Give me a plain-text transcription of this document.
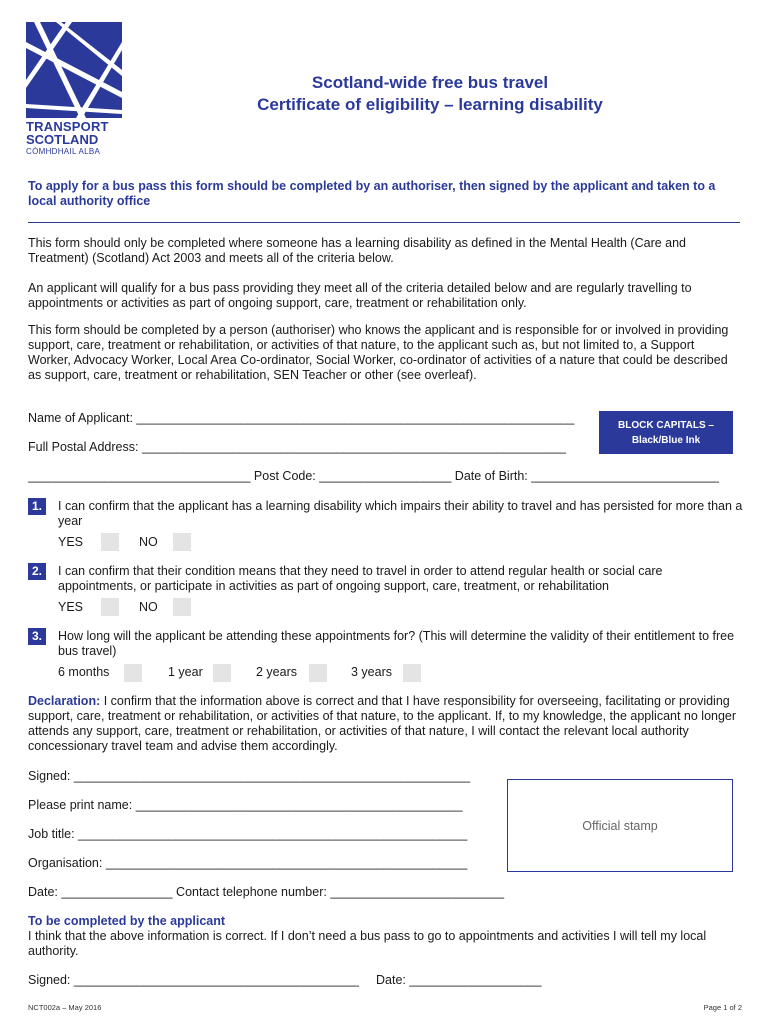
TRANSPORT
SCOTLAND
CÒMHDHAIL ALBA
Scotland-wide free bus travel
Certificate of eligibility – learning disability
To apply for a bus pass this form should be completed by an authoriser, then signed by the applicant and taken to a local authority office
This form should only be completed where someone has a learning disability as defined in the Mental Health (Care and Treatment) (Scotland) Act 2003 and meets all of the criteria below.
An applicant will qualify for a bus pass providing they meet all of the criteria detailed below and are regularly travelling to appointments or activities as part of ongoing support, care, treatment or rehabilitation only.
This form should be completed by a person (authoriser) who knows the applicant and is responsible for or involved in providing support, care, treatment or rehabilitation, or activities of that nature, to the applicant such as, but not limited to, a Support Worker, Advocacy Worker, Local Area Co-ordinator, Social Worker, co-ordinator of activities of a nature that could be described as support, care, treatment or rehabilitation, SEN Teacher or other (see overleaf).
Name of Applicant: _______________________________________________________________
Full Postal Address: _____________________________________________________________
________________________________ Post Code: ___________________ Date of Birth: ___________________________
BLOCK CAPITALS –
Black/Blue Ink
1.	I can confirm that the applicant has a learning disability which impairs their ability to travel and has persisted for more than a year
YES	NO
2.	I can confirm that their condition means that they need to travel in order to attend regular health or social care appointments, or participate in activities as part of ongoing support, care, treatment, or rehabilitation
YES	NO
3.	How long will the applicant be attending these appointments for? (This will determine the validity of their entitlement to free bus travel)
6 months	1 year	2 years	3 years
Declaration: I confirm that the information above is correct and that I have responsibility for overseeing, facilitating or providing support, care, treatment or rehabilitation, or activities of that nature, to the applicant. If, to my knowledge, the applicant no longer attends any support, care, treatment or rehabilitation, or activities of that nature, I will contact the relevant local authority concessionary travel team and advise them accordingly.
Signed: _________________________________________________________
Please print name: _______________________________________________
Job title: ________________________________________________________
Organisation: ____________________________________________________
Date: ________________ Contact telephone number: _________________________
Official stamp
To be completed by the applicant
I think that the above information is correct. If I don’t need a bus pass to go to appointments and activities I will tell my local authority.
Signed: _________________________________________ Date: ___________________
NCT002a – May 2016	Page 1 of 2
